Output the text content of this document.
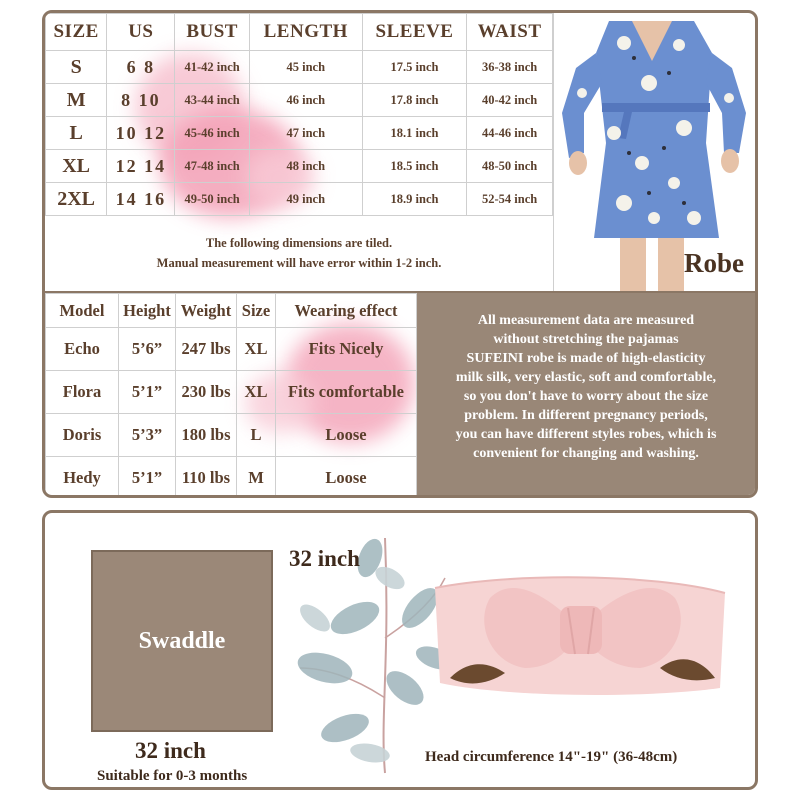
SIZE	US	BUST	LENGTH	SLEEVE	WAIST
S	6 8	41-42 inch	45 inch	17.5 inch	36-38 inch
M	8 10	43-44 inch	46 inch	17.8 inch	40-42 inch
L	10 12	45-46 inch	47 inch	18.1 inch	44-46 inch
XL	12 14	47-48 inch	48 inch	18.5 inch	48-50 inch
2XL	14 16	49-50 inch	49 inch	18.9 inch	52-54 inch
The following dimensions are tiled.
Manual measurement will have error within 1-2 inch.	Robe
Model	Height	Weight	Size	Wearing effect
Echo	5’6”	247 lbs	XL	Fits Nicely
Flora	5’1”	230 lbs	XL	Fits comfortable
Doris	5’3”	180 lbs	L	Loose
Hedy	5’1”	110 lbs	M	Loose
All measurement data are measured
without stretching the pajamas
SUFEINI robe is made of high-elasticity
milk silk, very elastic, soft and comfortable,
so you don't have to worry about the size
problem. In different pregnancy periods,
you can have different styles robes, which is
convenient for changing and washing.
Swaddle
32 inch
32 inch
Suitable for 0-3 months
Head circumference 14"-19" (36-48cm)
